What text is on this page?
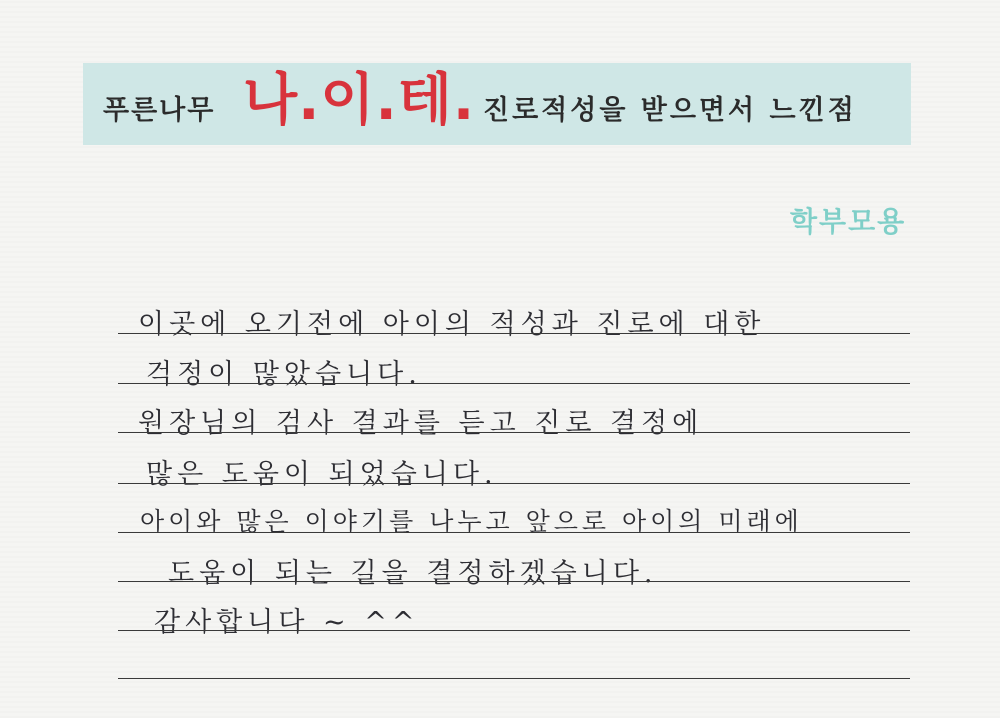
푸른나무 나.이.테. 진로적성을 받으면서 느낀점
학부모용
이곳에 오기전에 아이의 적성과 진로에 대한
걱정이 많았습니다.
원장님의 검사 결과를 듣고 진로 결정에
많은 도움이 되었습니다.
아이와 많은 이야기를 나누고 앞으로 아이의 미래에
도움이 되는 길을 결정하겠습니다.
감사합니다 ~ ^^
